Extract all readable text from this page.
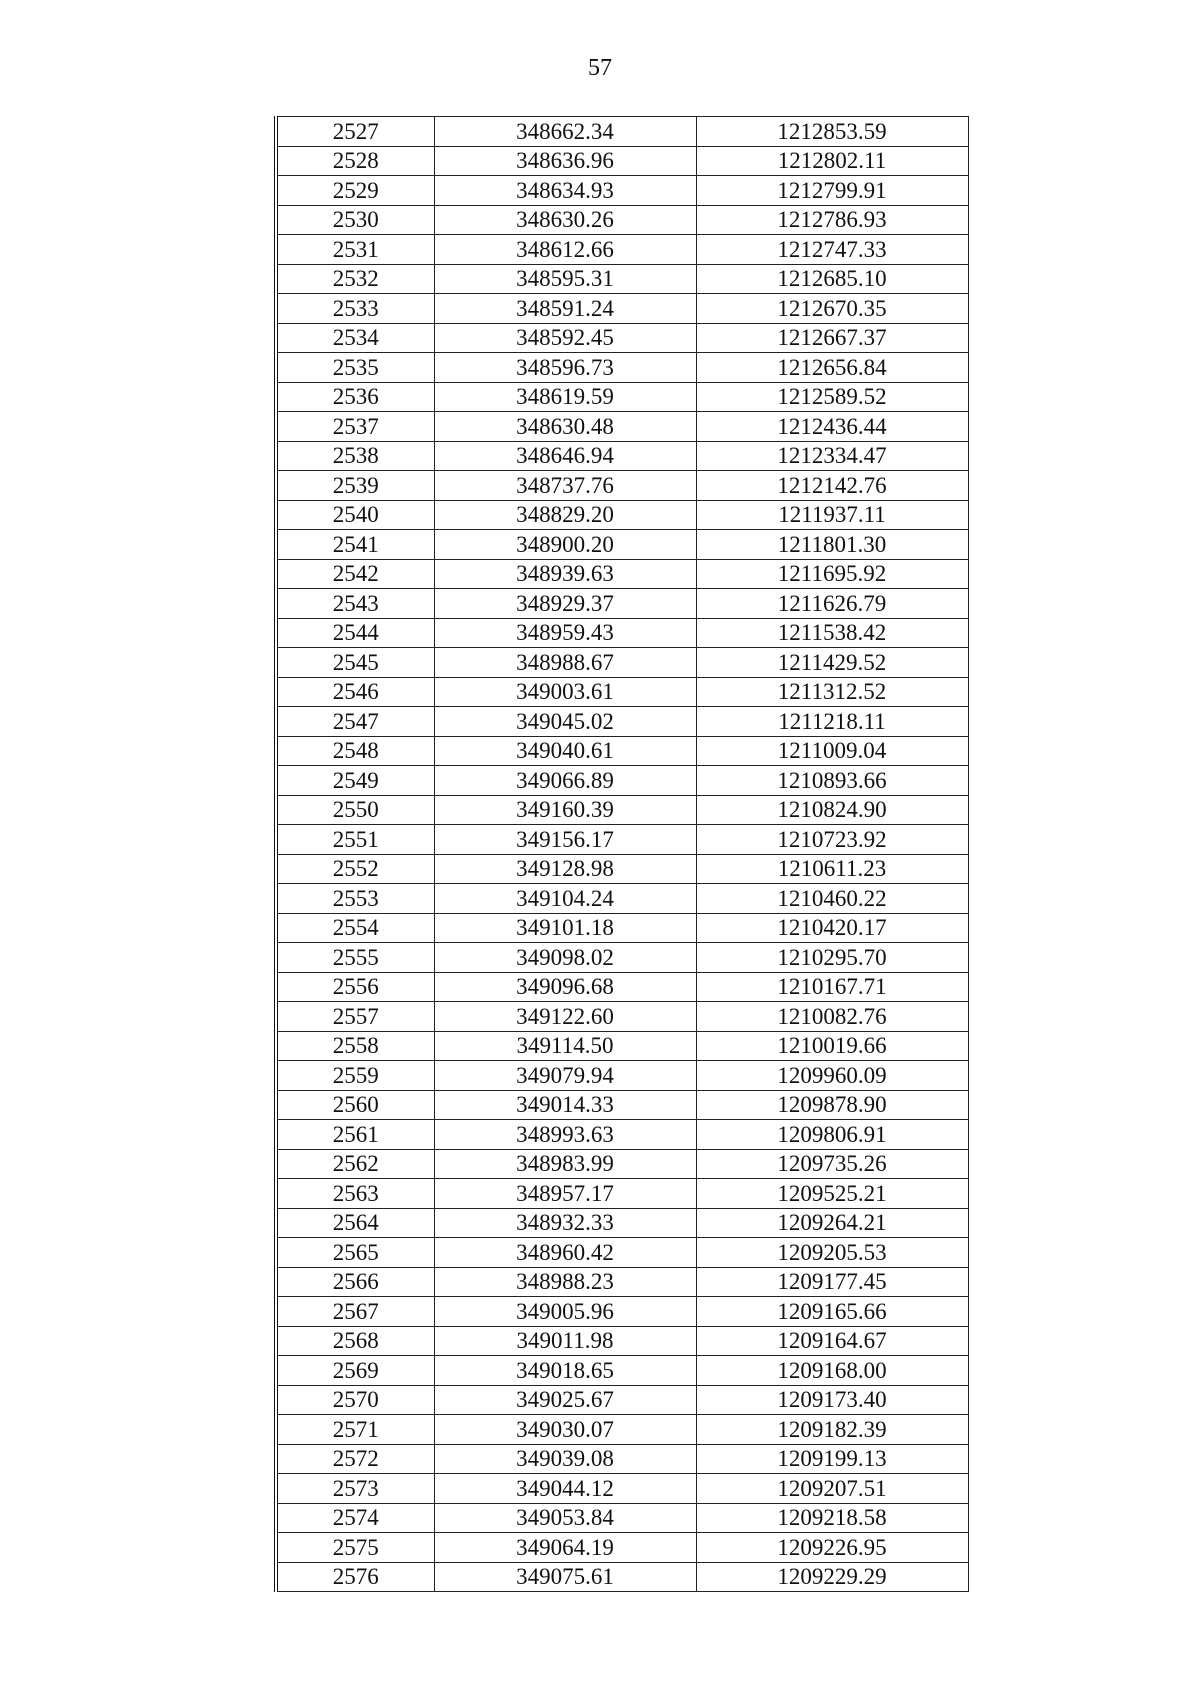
57
2527	348662.34	1212853.59
2528	348636.96	1212802.11
2529	348634.93	1212799.91
2530	348630.26	1212786.93
2531	348612.66	1212747.33
2532	348595.31	1212685.10
2533	348591.24	1212670.35
2534	348592.45	1212667.37
2535	348596.73	1212656.84
2536	348619.59	1212589.52
2537	348630.48	1212436.44
2538	348646.94	1212334.47
2539	348737.76	1212142.76
2540	348829.20	1211937.11
2541	348900.20	1211801.30
2542	348939.63	1211695.92
2543	348929.37	1211626.79
2544	348959.43	1211538.42
2545	348988.67	1211429.52
2546	349003.61	1211312.52
2547	349045.02	1211218.11
2548	349040.61	1211009.04
2549	349066.89	1210893.66
2550	349160.39	1210824.90
2551	349156.17	1210723.92
2552	349128.98	1210611.23
2553	349104.24	1210460.22
2554	349101.18	1210420.17
2555	349098.02	1210295.70
2556	349096.68	1210167.71
2557	349122.60	1210082.76
2558	349114.50	1210019.66
2559	349079.94	1209960.09
2560	349014.33	1209878.90
2561	348993.63	1209806.91
2562	348983.99	1209735.26
2563	348957.17	1209525.21
2564	348932.33	1209264.21
2565	348960.42	1209205.53
2566	348988.23	1209177.45
2567	349005.96	1209165.66
2568	349011.98	1209164.67
2569	349018.65	1209168.00
2570	349025.67	1209173.40
2571	349030.07	1209182.39
2572	349039.08	1209199.13
2573	349044.12	1209207.51
2574	349053.84	1209218.58
2575	349064.19	1209226.95
2576	349075.61	1209229.29
